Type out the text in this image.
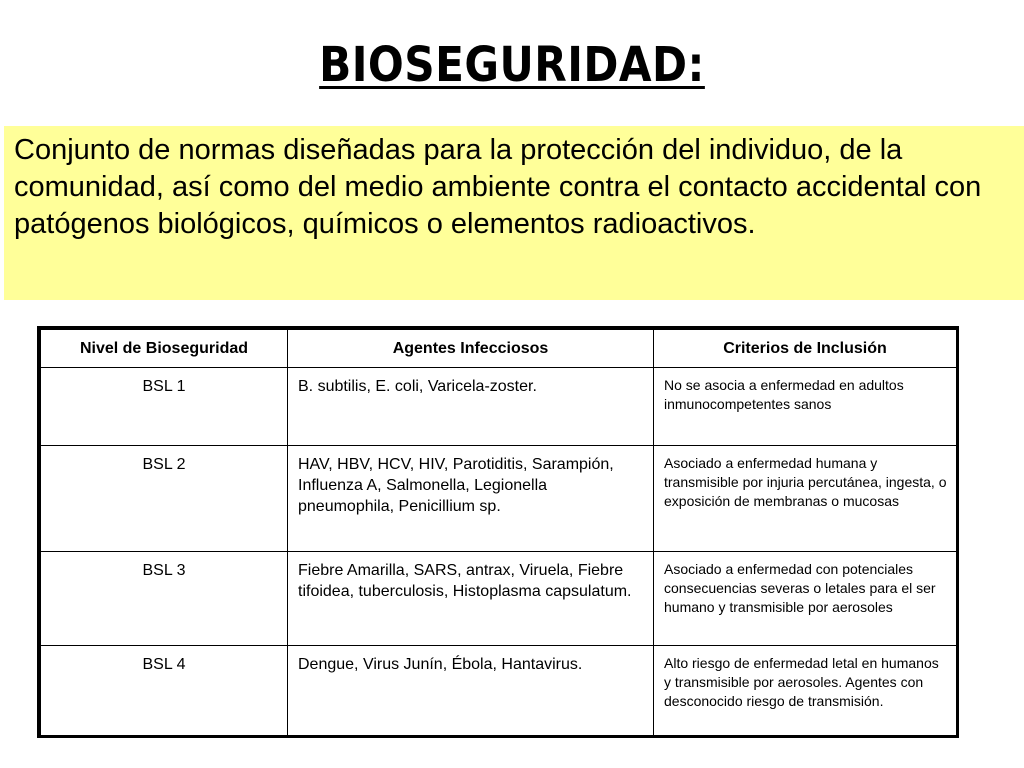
BIOSEGURIDAD:
Conjunto de normas diseñadas para la protección del individuo, de la comunidad, así como del medio ambiente contra el contacto accidental con patógenos biológicos, químicos o elementos radioactivos.
Nivel de Bioseguridad	Agentes Infecciosos	Criterios de Inclusión
BSL 1	B. subtilis, E. coli, Varicela-zoster.	No se asocia a enfermedad en adultos inmunocompetentes sanos
BSL 2	HAV, HBV, HCV, HIV, Parotiditis, Sarampión, Influenza A, Salmonella, Legionella pneumophila, Penicillium sp.	Asociado a enfermedad humana y transmisible por injuria percutánea, ingesta, o exposición de membranas o mucosas
BSL 3	Fiebre Amarilla, SARS, antrax, Viruela, Fiebre tifoidea, tuberculosis, Histoplasma capsulatum.	Asociado a enfermedad con potenciales consecuencias severas o letales para el ser humano y transmisible por aerosoles
BSL 4	Dengue, Virus Junín, Ébola, Hantavirus.	Alto riesgo de enfermedad letal en humanos y transmisible por aerosoles. Agentes con desconocido riesgo de transmisión.
